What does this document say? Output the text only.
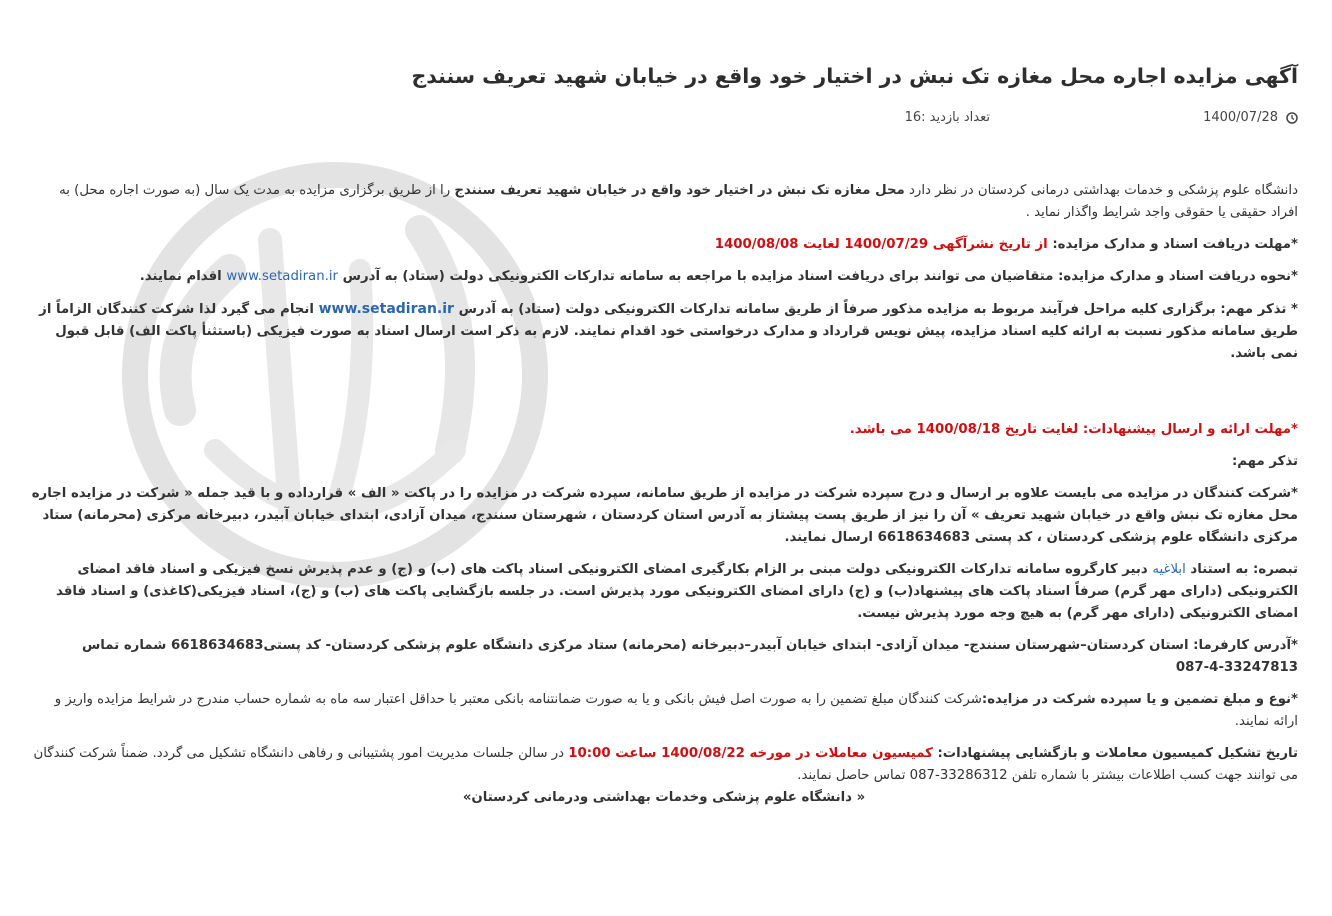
آگهی مزایده اجاره محل مغازه تک نبش در اختیار خود واقع در خیابان شهید تعریف سنندج
1400/07/28
تعداد بازدید :16

دانشگاه علوم پزشکی و خدمات بهداشتی درمانی کردستان در نظر دارد محل مغازه تک نبش در اختیار خود واقع در خیابان شهید تعریف سنندج را از طریق برگزاری مزایده به مدت یک سال (به صورت اجاره محل) به افراد حقیقی یا حقوقی واجد شرایط واگذار نماید .

*مهلت دریافت اسناد و مدارک مزایده: از تاریخ نشرآگهی 1400/07/29 لغایت 1400/08/08

*نحوه دریافت اسناد و مدارک مزایده: متقاضیان می توانند برای دریافت اسناد مزایده با مراجعه به سامانه تدارکات الکترونیکی دولت (ستاد) به آدرس www.setadiran.ir اقدام نمایند.

* تذکر مهم: برگزاری کلیه مراحل فرآیند مربوط به مزایده مذکور صرفاً از طریق سامانه تدارکات الکترونیکی دولت (ستاد) به آدرس www.setadiran.ir انجام می گیرد لذا شرکت کنندگان الزاماً از طریق سامانه مذکور نسبت به ارائه کلیه اسناد مزایده، پیش نویس قرارداد و مدارک درخواستی خود اقدام نمایند. لازم به ذکر است ارسال اسناد به صورت فیزیکی (باستثنأ پاکت الف) قابل قبول نمی باشد.

*مهلت ارائه و ارسال پیشنهادات: لغایت تاریخ 1400/08/18 می باشد.

تذکر مهم:

*شرکت کنندگان در مزایده می بایست علاوه بر ارسال و درج سپرده شرکت در مزایده از طریق سامانه، سپرده شرکت در مزایده را در پاکت « الف » قرارداده و با قید جمله « شرکت در مزایده اجاره محل مغازه تک نبش واقع در خیابان شهید تعریف » آن را نیز از طریق پست پیشتاز به آدرس استان کردستان ، شهرستان سنندج، میدان آزادی، ابتدای خیابان آبیدر، دبیرخانه مرکزی (محرمانه) ستاد مرکزی دانشگاه علوم پزشکی کردستان ، کد پستی 6618634683 ارسال نمایند.

تبصره: به استناد ابلاغیه دبیر کارگروه سامانه تدارکات الکترونیکی دولت مبنی بر الزام بکارگیری امضای الکترونیکی اسناد پاکت های (ب) و (ج) و عدم پذیرش نسخ فیزیکی و اسناد فاقد امضای الکترونیکی (دارای مهر گرم) صرفاً اسناد پاکت های پیشنهاد(ب) و (ج) دارای امضای الکترونیکی مورد پذیرش است. در جلسه بازگشایی پاکت های (ب) و (ج)، اسناد فیزیکی(کاغذی) و اسناد فاقد امضای الکترونیکی (دارای مهر گرم) به هیچ وجه مورد پذیرش نیست.

*آدرس کارفرما: استان کردستان–شهرستان سنندج- میدان آزادی- ابتدای خیابان آبیدر–دبیرخانه (محرمانه) ستاد مرکزی دانشگاه علوم پزشکی کردستان- کد پستی6618634683 شماره تماس 33247813-4-087

*نوع و مبلغ تضمین و یا سپرده شرکت در مزایده:شرکت کنندگان مبلغ تضمین را به صورت اصل فیش بانکی و یا به صورت ضمانتنامه بانکی معتبر با حداقل اعتبار سه ماه به شماره حساب مندرج در شرایط مزایده واریز و ارائه نمایند.

تاریخ تشکیل کمیسیون معاملات و بازگشایی پیشنهادات: کمیسیون معاملات در مورخه 1400/08/22 ساعت 10:00 در سالن جلسات مدیریت امور پشتیبانی و رفاهی دانشگاه تشکیل می گردد. ضمناً شرکت کنندگان می توانند جهت کسب اطلاعات بیشتر با شماره تلفن 33286312-087 تماس حاصل نمایند.

« دانشگاه علوم پزشکی وخدمات بهداشتی ودرمانی کردستان»
